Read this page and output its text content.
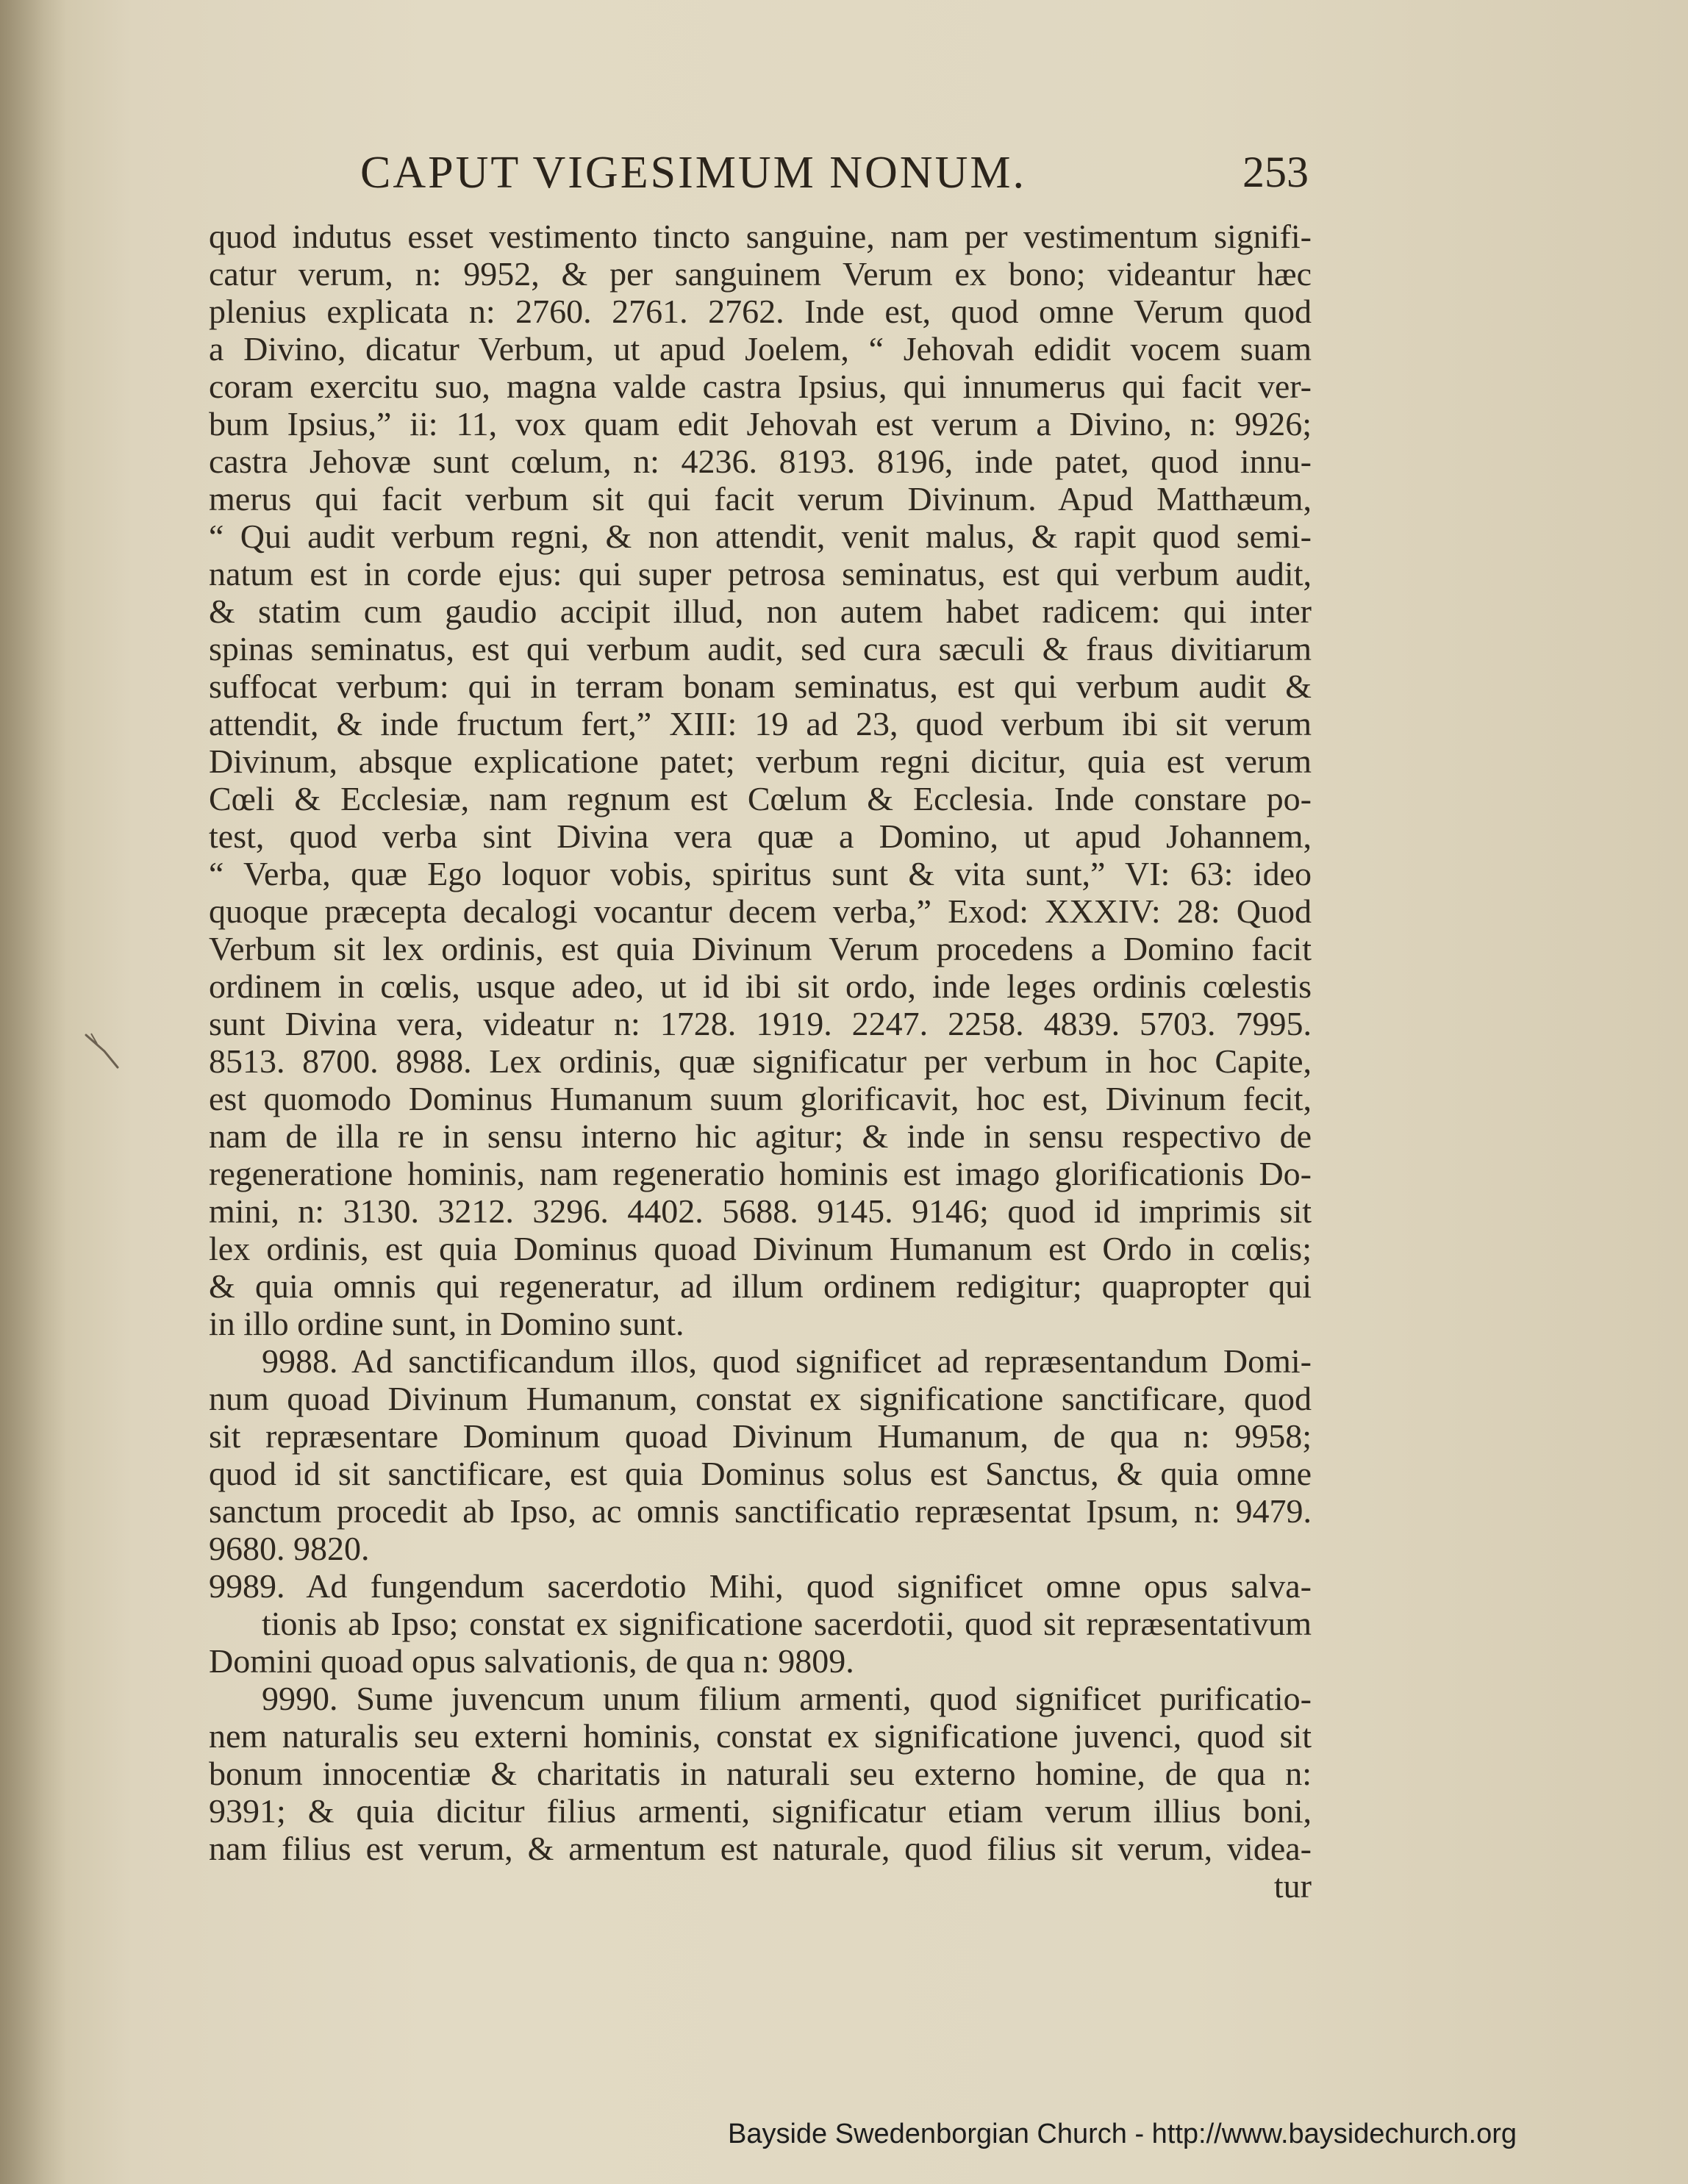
CAPUT VIGESIMUM NONUM.	253
quod indutus esset vestimento tincto sanguine, nam per vestimentum signifi-
catur verum, n: 9952, & per sanguinem Verum ex bono; videantur hæc
plenius explicata n: 2760. 2761. 2762. Inde est, quod omne Verum quod
a Divino, dicatur Verbum, ut apud Joelem, “ Jehovah edidit vocem suam
coram exercitu suo, magna valde castra Ipsius, qui innumerus qui facit ver-
bum Ipsius,” ii: 11, vox quam edit Jehovah est verum a Divino, n: 9926;
castra Jehovæ sunt cœlum, n: 4236. 8193. 8196, inde patet, quod innu-
merus qui facit verbum sit qui facit verum Divinum. Apud Matthæum,
“ Qui audit verbum regni, & non attendit, venit malus, & rapit quod semi-
natum est in corde ejus: qui super petrosa seminatus, est qui verbum audit,
& statim cum gaudio accipit illud, non autem habet radicem: qui inter
spinas seminatus, est qui verbum audit, sed cura sæculi & fraus divitiarum
suffocat verbum: qui in terram bonam seminatus, est qui verbum audit &
attendit, & inde fructum fert,” XIII: 19 ad 23, quod verbum ibi sit verum
Divinum, absque explicatione patet; verbum regni dicitur, quia est verum
Cœli & Ecclesiæ, nam regnum est Cœlum & Ecclesia. Inde constare po-
test, quod verba sint Divina vera quæ a Domino, ut apud Johannem,
“ Verba, quæ Ego loquor vobis, spiritus sunt & vita sunt,” VI: 63: ideo
quoque præcepta decalogi vocantur decem verba,” Exod: XXXIV: 28: Quod
Verbum sit lex ordinis, est quia Divinum Verum procedens a Domino facit
ordinem in cœlis, usque adeo, ut id ibi sit ordo, inde leges ordinis cœlestis
sunt Divina vera, videatur n: 1728. 1919. 2247. 2258. 4839. 5703. 7995.
8513. 8700. 8988. Lex ordinis, quæ significatur per verbum in hoc Capite,
est quomodo Dominus Humanum suum glorificavit, hoc est, Divinum fecit,
nam de illa re in sensu interno hic agitur; & inde in sensu respectivo de
regeneratione hominis, nam regeneratio hominis est imago glorificationis Do-
mini, n: 3130. 3212. 3296. 4402. 5688. 9145. 9146; quod id imprimis sit
lex ordinis, est quia Dominus quoad Divinum Humanum est Ordo in cœlis;
& quia omnis qui regeneratur, ad illum ordinem redigitur; quapropter qui
in illo ordine sunt, in Domino sunt.
9988. Ad sanctificandum illos, quod significet ad repræsentandum Domi-
num quoad Divinum Humanum, constat ex significatione sanctificare, quod
sit repræsentare Dominum quoad Divinum Humanum, de qua n: 9958;
quod id sit sanctificare, est quia Dominus solus est Sanctus, & quia omne
sanctum procedit ab Ipso, ac omnis sanctificatio repræsentat Ipsum, n: 9479.
9680. 9820.
9989. Ad fungendum sacerdotio Mihi, quod significet omne opus salva-
tionis ab Ipso; constat ex significatione sacerdotii, quod sit repræsentativum
Domini quoad opus salvationis, de qua n: 9809.
9990. Sume juvencum unum filium armenti, quod significet purificatio-
nem naturalis seu externi hominis, constat ex significatione juvenci, quod sit
bonum innocentiæ & charitatis in naturali seu externo homine, de qua n:
9391; & quia dicitur filius armenti, significatur etiam verum illius boni,
nam filius est verum, & armentum est naturale, quod filius sit verum, videa-
tur
Bayside Swedenborgian Church - http://www.baysidechurch.org
